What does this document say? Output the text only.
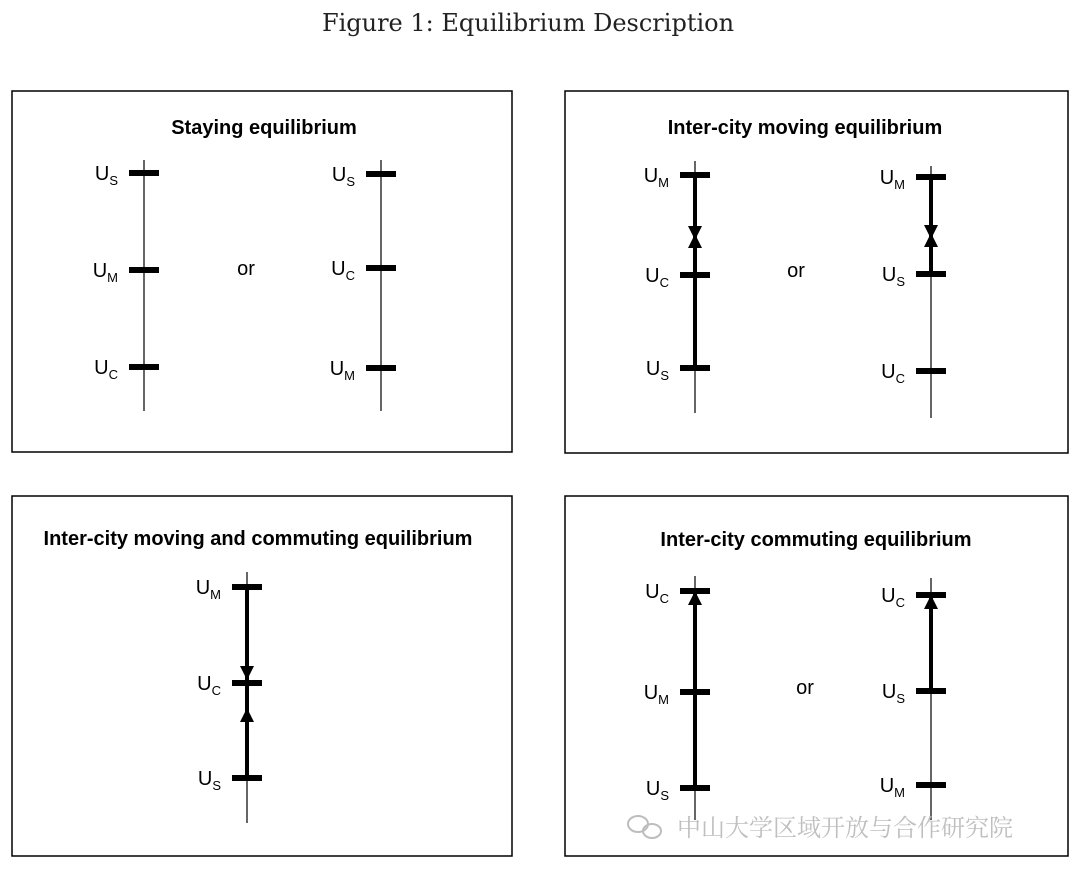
Figure 1: Equilibrium Description
Staying equilibrium
or
$U_S$
$U_M$
$U_C$
$U_S$
$U_C$
$U_M$
Inter-city moving equilibrium
or
$U_M$
$U_C$
$U_S$
$U_M$
$U_S$
$U_C$
Inter-city moving and commuting equilibrium
$U_M$
$U_C$
$U_S$
Inter-city commuting equilibrium
or
$U_C$
$U_M$
$U_S$
$U_C$
$U_S$
$U_M$
中山大学区域开放与合作研究院
